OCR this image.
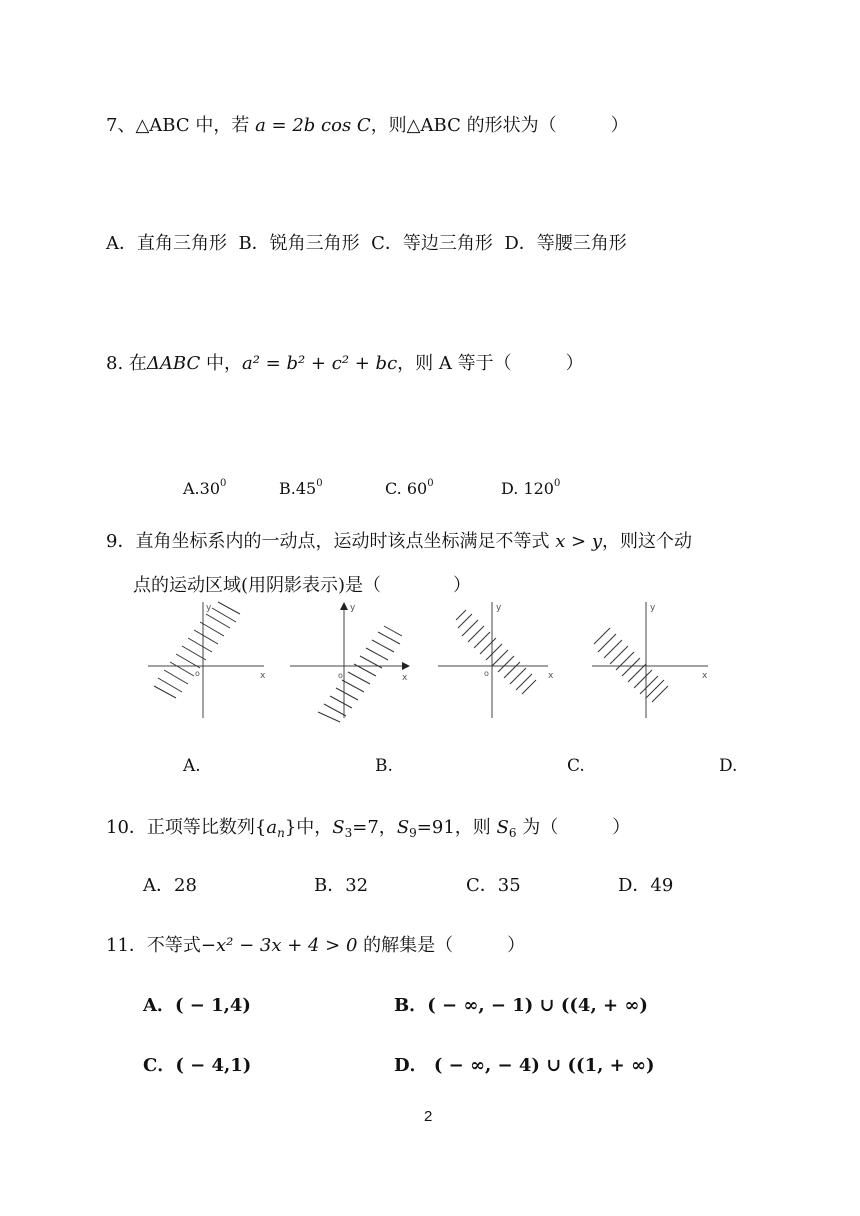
7、△ABC 中，若 a = 2b cos C，则△ABC 的形状为（　　　）
A．直角三角形 B．锐角三角形 C．等边三角形 D．等腰三角形
8. 在ΔABC 中，a² = b² + c² + bc，则 A 等于（　　　）
$A.30^0$	$B.45^0$	C. $60^0$	D. $120^0$
9．直角坐标系内的一动点，运动时该点坐标满足不等式 x > y，则这个动
点的运动区域(用阴影表示)是（　　　　）
y
x
o
y
x
o
y
x
o
y
x
A.	B.	C.	D.
10．正项等比数列$\{a_n\}$中，$S_3=7$，$S_9=91$，则 $S_6$ 为（　　　）
A．28	B．32	C．35	D．49
11．不等式−x² − 3x + 4 > 0 的解集是（　　　）
A．( − 1,4)	B．( − ∞, − 1) ∪ ((4, + ∞)
C．( − 4,1)	D． ( − ∞, − 4) ∪ ((1, + ∞)
2
